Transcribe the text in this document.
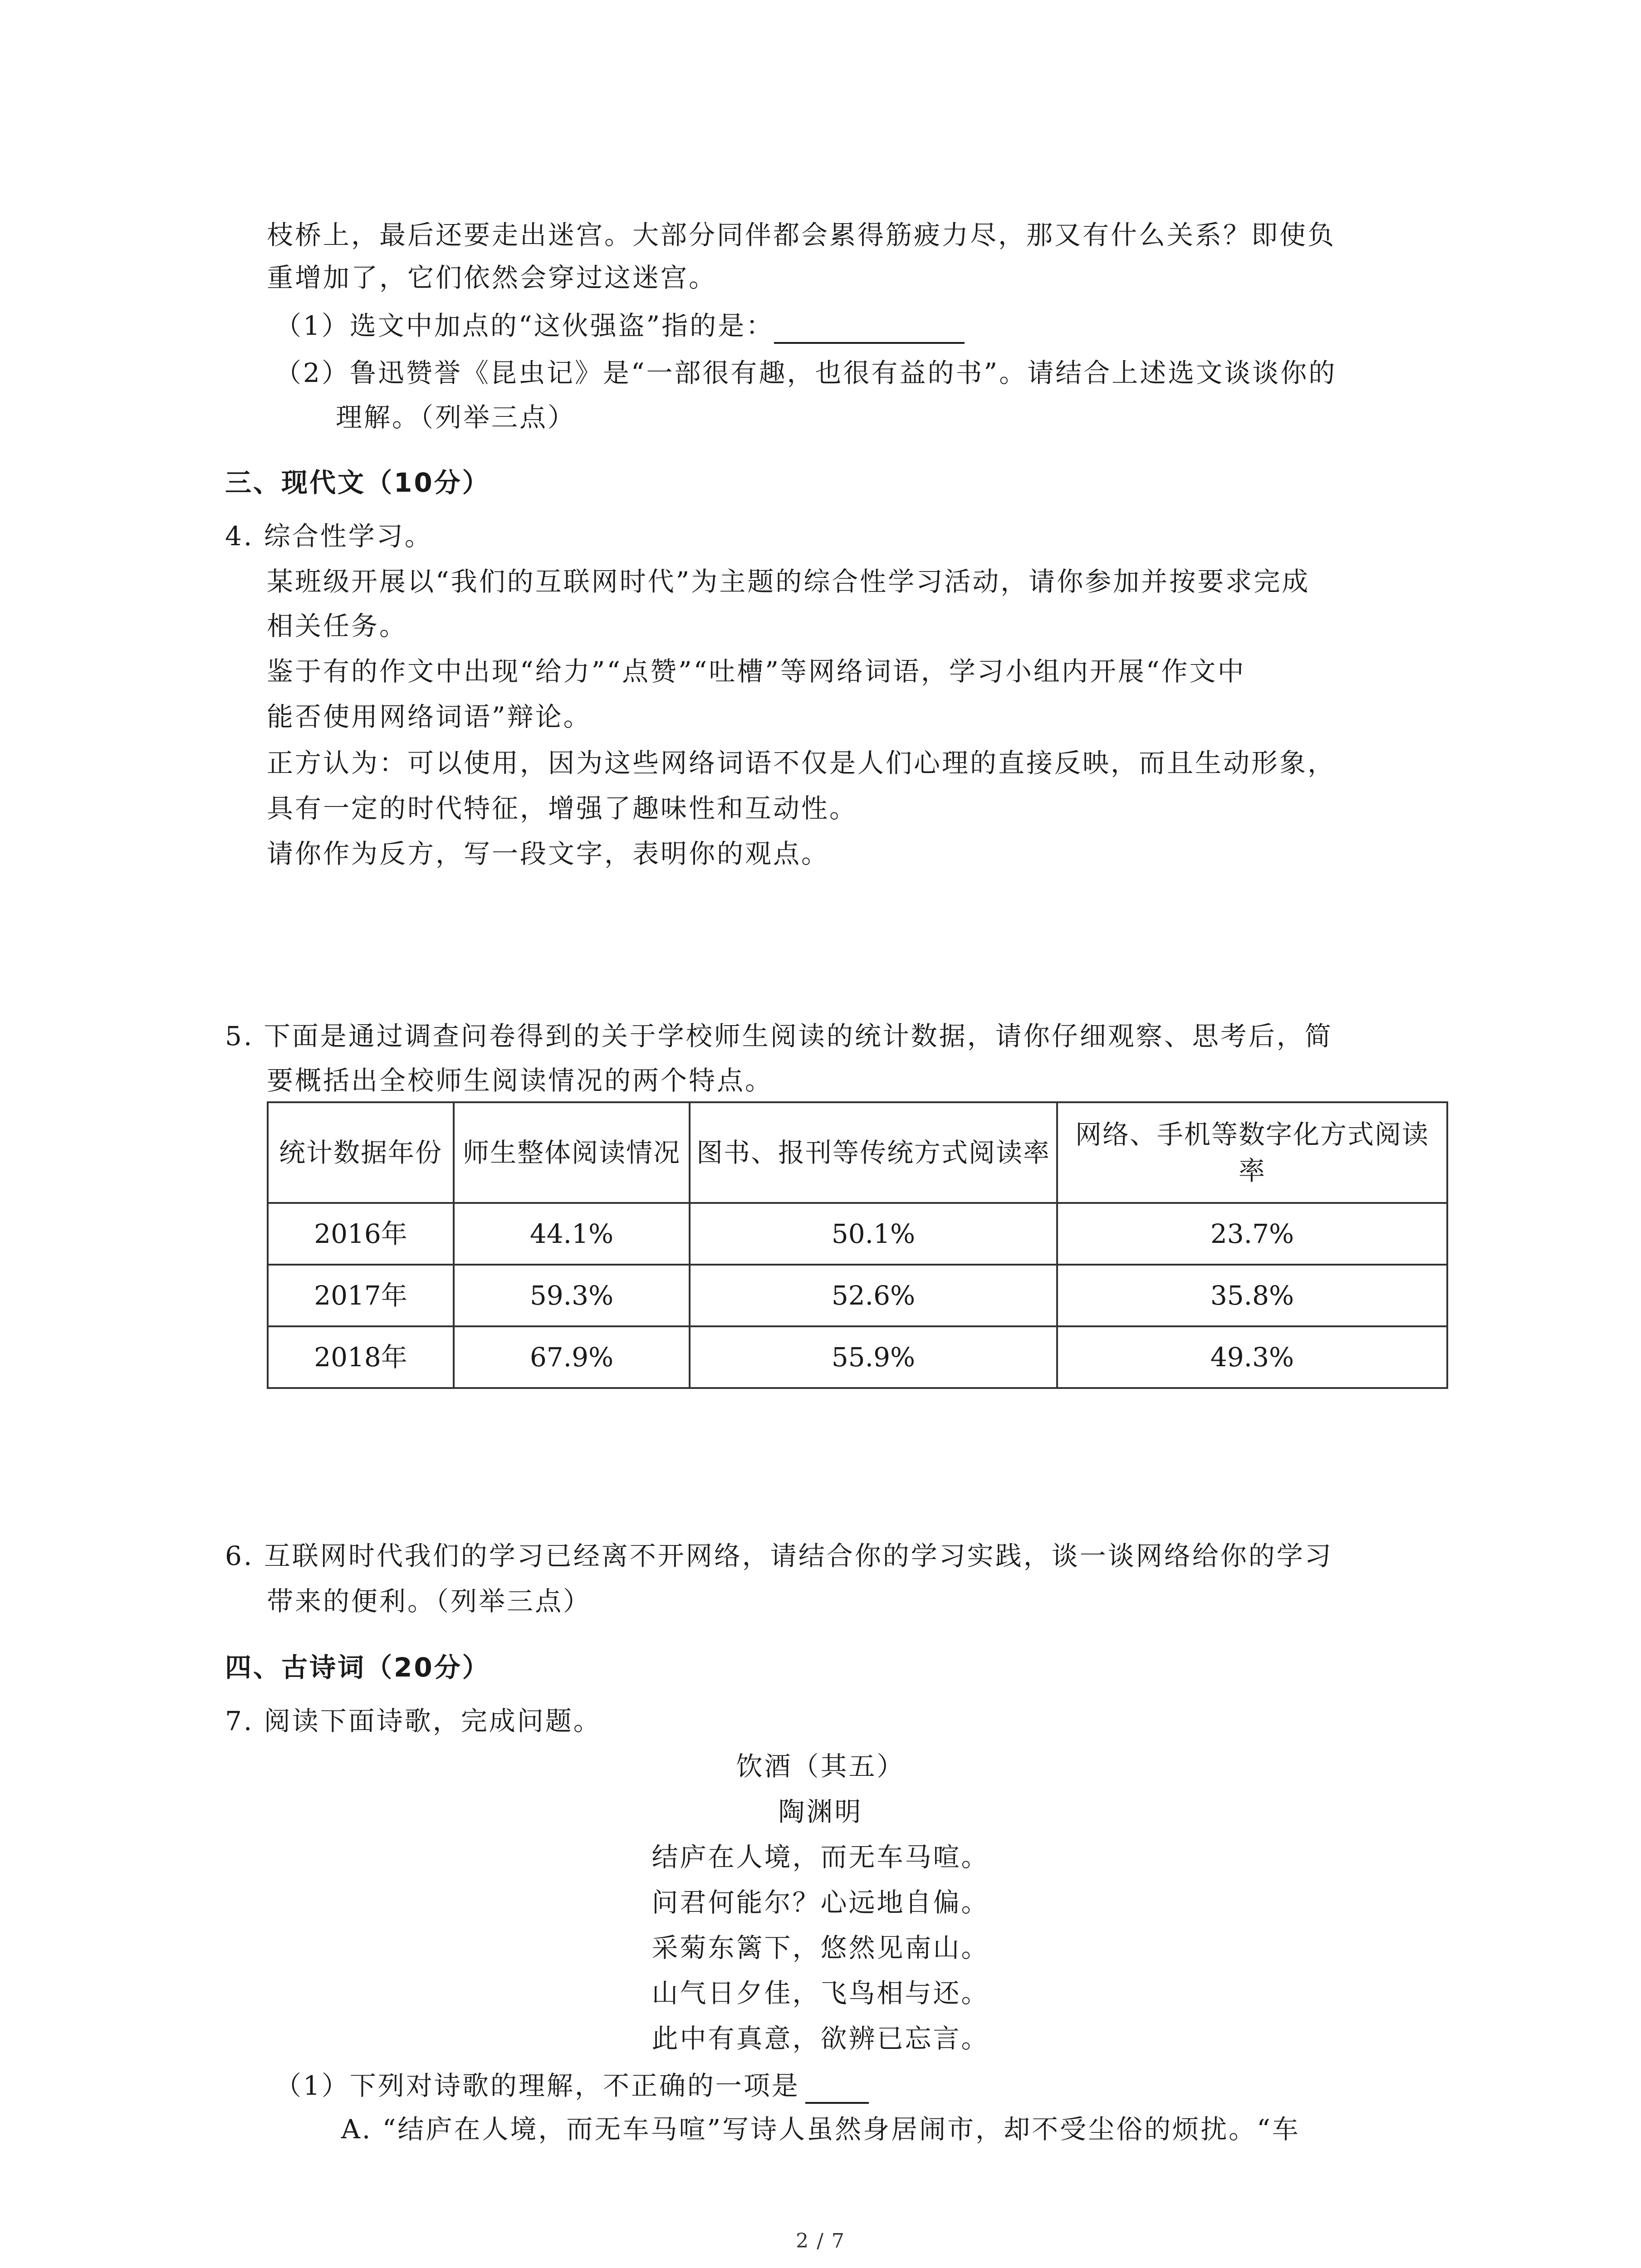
枝桥上，最后还要走出迷宫。大部分同伴都会累得筋疲力尽，那又有什么关系？即使负
重增加了，它们依然会穿过这迷宫。
（1）选文中加点的“这伙强盗”指的是：
（2）鲁迅赞誉《昆虫记》是“一部很有趣，也很有益的书”。请结合上述选文谈谈你的
理解。（列举三点）
三、现代文（10分）
4. 综合性学习。
某班级开展以“我们的互联网时代”为主题的综合性学习活动，请你参加并按要求完成
相关任务。
鉴于有的作文中出现“给力”“点赞”“吐槽”等网络词语，学习小组内开展“作文中
能否使用网络词语”辩论。
正方认为：可以使用，因为这些网络词语不仅是人们心理的直接反映，而且生动形象，
具有一定的时代特征，增强了趣味性和互动性。
请你作为反方，写一段文字，表明你的观点。
5. 下面是通过调查问卷得到的关于学校师生阅读的统计数据，请你仔细观察、思考后，简
要概括出全校师生阅读情况的两个特点。
统计数据年份	师生整体阅读情况	图书、报刊等传统方式阅读率	网络、手机等数字化方式阅读率
2016年	44.1%	50.1%	23.7%
2017年	59.3%	52.6%	35.8%
2018年	67.9%	55.9%	49.3%
6. 互联网时代我们的学习已经离不开网络，请结合你的学习实践，谈一谈网络给你的学习
带来的便利。（列举三点）
四、古诗词（20分）
7. 阅读下面诗歌，完成问题。
饮酒（其五）
陶渊明
结庐在人境，而无车马喧。
问君何能尔？心远地自偏。
采菊东篱下，悠然见南山。
山气日夕佳，飞鸟相与还。
此中有真意，欲辨已忘言。
（1）下列对诗歌的理解，不正确的一项是
A. “结庐在人境，而无车马喧”写诗人虽然身居闹市，却不受尘俗的烦扰。“车
2 / 7
